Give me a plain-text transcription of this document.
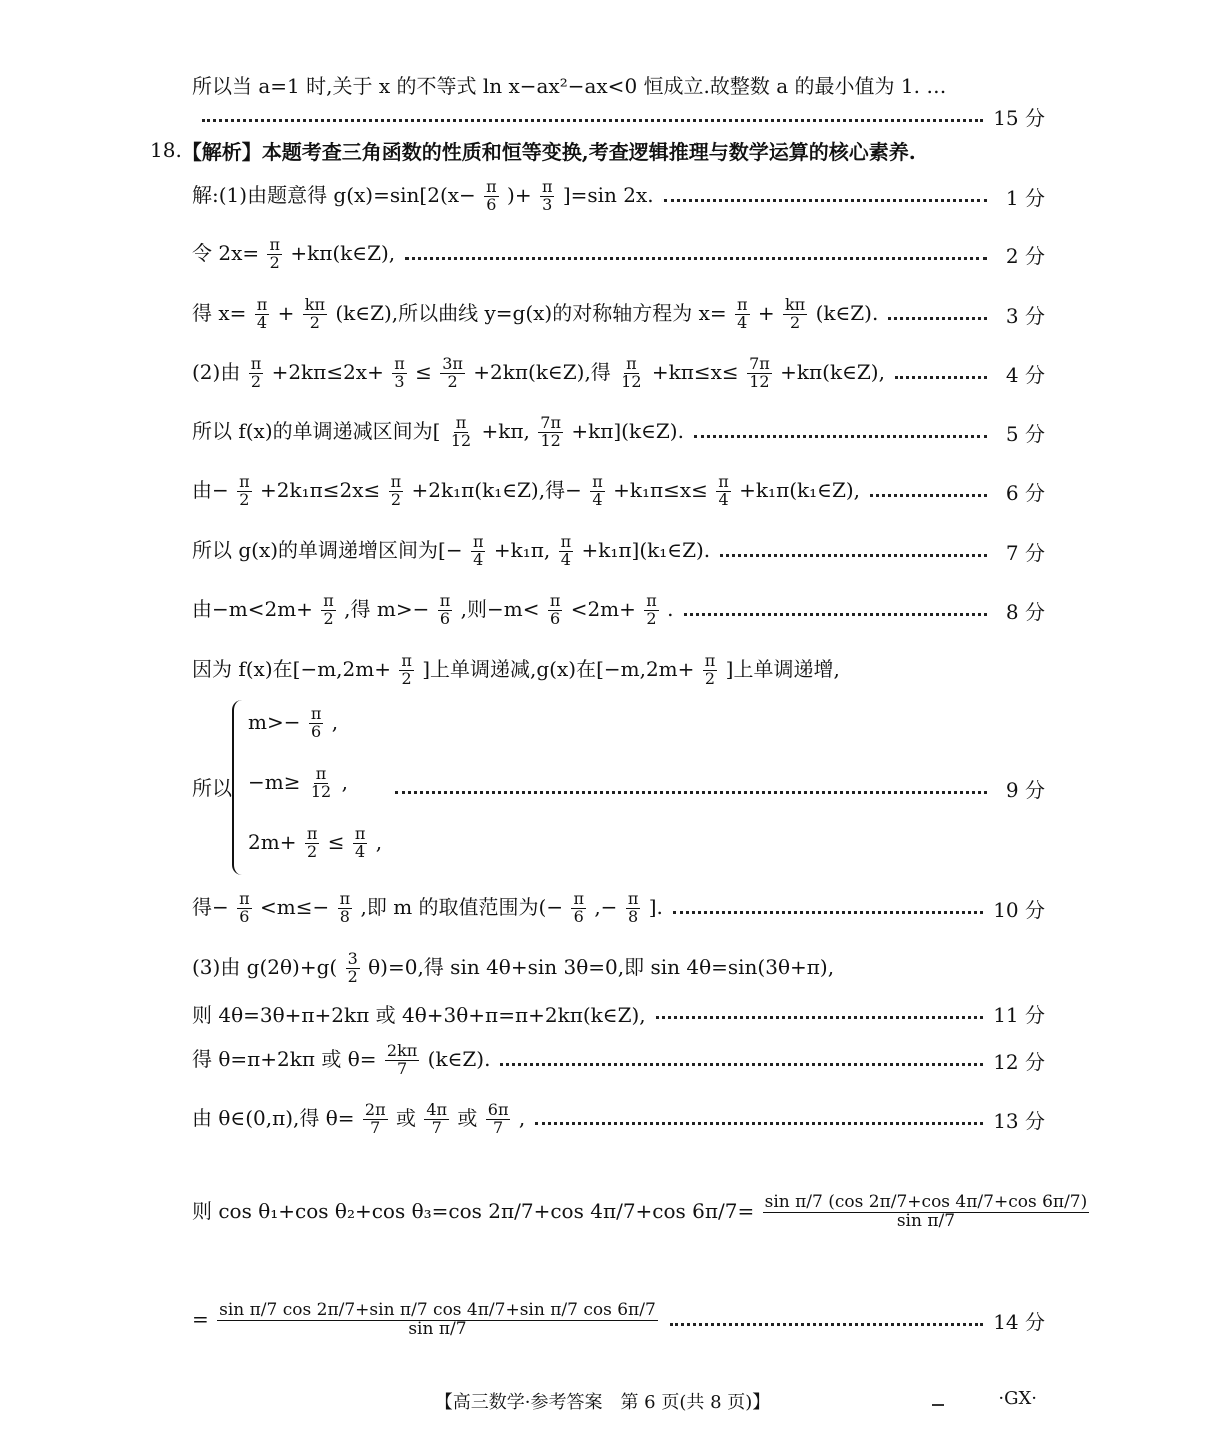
所以当 a=1 时,关于 x 的不等式 ln x−ax²−ax<0 恒成立.故整数 a 的最小值为 1. …
15 分
18. 【解析】 本题考查三角函数的性质和恒等变换,考查逻辑推理与数学运算的核心素养.
解:(1)由题意得 $g(x)=\sin[2(x- \frac{\pi}{6}$ )+ $\frac{\pi}{3} ]=\sin$ 2x.	1 分
令 $2x= \frac{\pi}{2}$ +kπ(k∈Z),	2 分
得 $x= \frac{\pi}{4} + \frac{k\pi}{2}$ (k∈Z),所以曲线 y=g(x)的对称轴方程为 $x= \frac{\pi}{4} + \frac{k\pi}{2}$ (k∈Z).	3 分
(2)由 $\frac{\pi}{2} +2k\pi\le 2x+ \frac{\pi}{3} \le \frac{3\pi}{2}$ +2kπ(k∈Z),得 $\frac{\pi}{12} +k\pi\le x\le \frac{7\pi}{12}$ +kπ(k∈Z),	4 分
所以 f(x)的单调递减区间为[ $\frac{\pi}{12} +k\pi$, $\frac{7\pi}{12}$ +kπ](k∈Z).	5 分
由− $\frac{\pi}{2} +2k_1\pi\le 2x\le \frac{\pi}{2}$ +2k₁π(k₁∈Z),得− $\frac{\pi}{4} +k_1\pi\le x\le \frac{\pi}{4}$ +k₁π(k₁∈Z),	6 分
所以 g(x)的单调递增区间为[− $\frac{\pi}{4} +k_1\pi$, $\frac{\pi}{4}$ +k₁π](k₁∈Z).	7 分
由$-m<2m+ \frac{\pi}{2}$ ,得 $m>- \frac{\pi}{6}$ ,则$-m< \frac{\pi}{6} <2m+ \frac{\pi}{2}$ .	8 分
因为 f(x)在[$-m,2m+ \frac{\pi}{2}$ ]上单调递减,g(x)在[$-m,2m+ \frac{\pi}{2}$ ]上单调递增,
所以
$m>- \frac{\pi}{6}$ ,
$-m\ge \frac{\pi}{12}$ ,
$2m+ \frac{\pi}{2} \le \frac{\pi}{4}$ ,
9 分
得− $\frac{\pi}{6} <m\le- \frac{\pi}{8}$ ,即 m 的取值范围为(− $\frac{\pi}{6}$ ,− $\frac{\pi}{8}$ ].	10 分
(3)由 $g(2\theta)+g( \frac{3}{2} \theta)=0$,得 sin 4θ+sin 3θ=0,即 sin 4θ=sin(3θ+π),
则 4θ=3θ+π+2kπ 或 4θ+3θ+π=π+2kπ(k∈Z),	11 分
得 θ=π+2kπ 或 $\theta= \frac{2k\pi}{7}$ (k∈Z).	12 分
由 θ∈(0,π),得 $\theta= \frac{2\pi}{7}$ 或 $\frac{4\pi}{7}$ 或 $\frac{6\pi}{7}$ ,	13 分
则 cos θ₁+cos θ₂+cos θ₃=cos 2π/7+cos 4π/7+cos $6\pi/7= \frac{\text{sin π/7 (cos 2π/7+cos 4π/7+cos 6π/7)}}{\text{sin π/7}}$
= $\frac{\text{sin π/7 cos 2π/7+sin π/7 cos 4π/7+sin π/7 cos 6π/7}}{\text{sin π/7}}$	14 分
【高三数学·参考答案　第 6 页(共 8 页)】	·GX·
